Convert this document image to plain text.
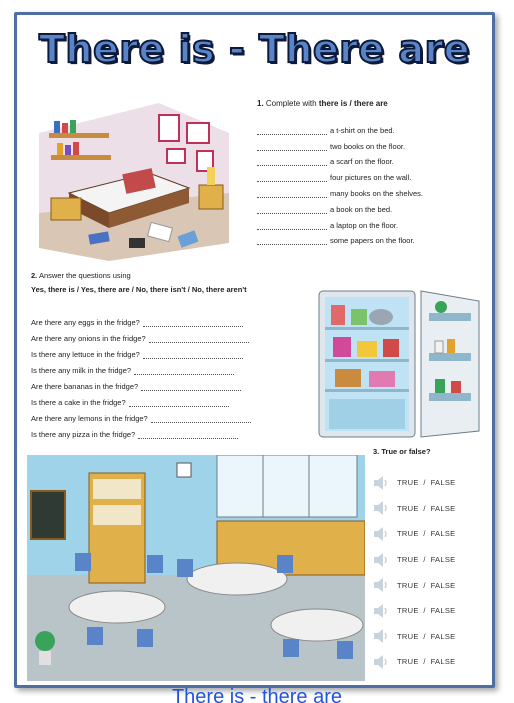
There is - There are
1. Complete with there is / there are
a t-shirt on the bed.
two books on the floor.
a scarf on the floor.
four pictures on the wall.
many books on the shelves.
a book on the bed.
a laptop on the floor.
some papers on the floor.
2. Answer the questions using
Yes, there is / Yes, there are / No, there isn't / No, there aren't
Are there any eggs in the fridge?
Are there any onions in the fridge?
Is there any lettuce in the fridge?
Is there any milk in the fridge?
Are there bananas in the fridge?
Is there a cake in the fridge?
Are there any lemons in the fridge?
Is there any pizza in the fridge?
3. True or false?
TRUE / FALSE
TRUE / FALSE
TRUE / FALSE
TRUE / FALSE
TRUE / FALSE
TRUE / FALSE
TRUE / FALSE
TRUE / FALSE
There is - there are
